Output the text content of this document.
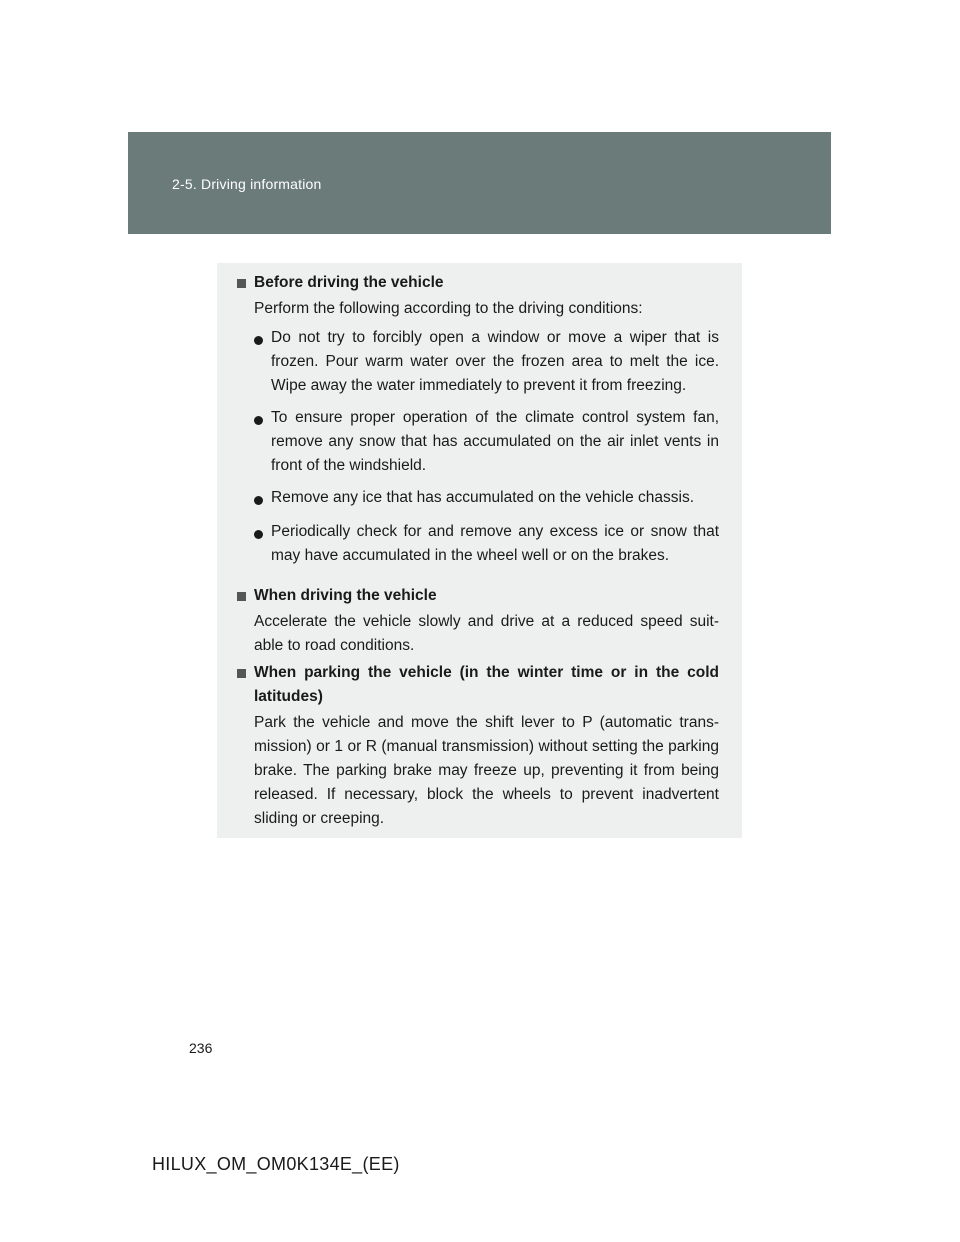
2-5. Driving information
Before driving the vehicle
Perform the following according to the driving conditions:
Do not try to forcibly open a window or move a wiper that is frozen. Pour warm water over the frozen area to melt the ice. Wipe away the water immediately to prevent it from freezing.
To ensure proper operation of the climate control system fan, remove any snow that has accumulated on the air inlet vents in front of the windshield.
Remove any ice that has accumulated on the vehicle chassis.
Periodically check for and remove any excess ice or snow that may have accumulated in the wheel well or on the brakes.
When driving the vehicle
Accelerate the vehicle slowly and drive at a reduced speed suit-able to road conditions.
When parking the vehicle (in the winter time or in the cold latitudes)
Park the vehicle and move the shift lever to P (automatic trans-mission) or 1 or R (manual transmission) without setting the parking brake. The parking brake may freeze up, preventing it from being released. If necessary, block the wheels to prevent inadvertent sliding or creeping.
236
HILUX_OM_OM0K134E_(EE)
